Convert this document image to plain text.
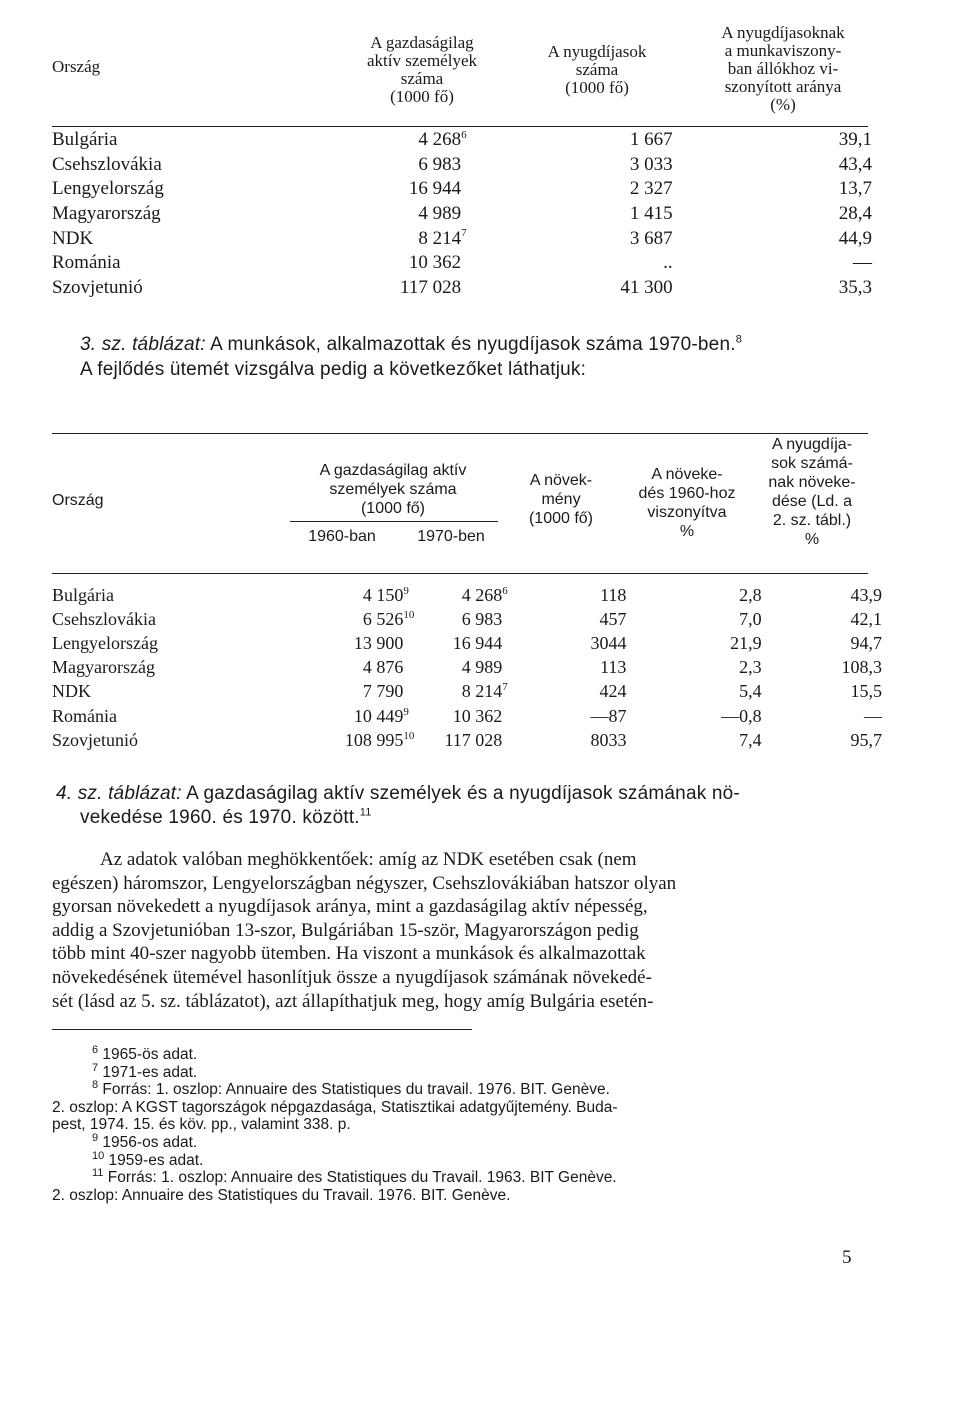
Ország
A gazdaságilag
aktív személyek
száma
(1000 fő)
A nyugdíjasok
száma
(1000 fő)
A nyugdíjasoknak
a munkaviszony-
ban állókhoz vi-
szonyított aránya
(%)
Bulgária	4 $268^6$	1 667	39,1
Csehszlovákia	6 983	3 033	43,4
Lengyelország	16 944	2 327	13,7
Magyarország	4 989	1 415	28,4
NDK	8 $214^7$	3 687	44,9
Románia	10 362	..	—
Szovjetunió	117 028	41 300	35,3
3. sz. táblázat: A munkások, alkalmazottak és nyugdíjasok száma 1970-ben.$^8$
A fejlődés ütemét vizsgálva pedig a következőket láthatjuk:
Ország
A gazdaságilag aktív
személyek száma
(1000 fő)
1960-ban	1970-ben
A növek-
mény
(1000 fő)
A növeke-
dés 1960-hoz
viszonyítva
%
A nyugdíja-
sok számá-
nak növeke-
dése (Ld. a
2. sz. tábl.)
%
Bulgária	4 $150^9$	4 $268^6$	118	2,8	43,9
Csehszlovákia	6 $526^{10}$	6 983	457	7,0	42,1
Lengyelország	13 900	16 944	3044	21,9	94,7
Magyarország	4 876	4 989	113	2,3	108,3
NDK	7 790	8 $214^7$	424	5,4	15,5
Románia	10 $449^9$	10 362	—87	—0,8	—
Szovjetunió	108 $995^{10}$	117 028	8033	7,4	95,7
4. sz. táblázat: A gazdaságilag aktív személyek és a nyugdíjasok számának nö-
vekedése 1960. és 1970. között.$^{11}$
Az adatok valóban meghökkentőek: amíg az NDK esetében csak (nem
egészen) háromszor, Lengyelországban négyszer, Csehszlovákiában hatszor olyan
gyorsan növekedett a nyugdíjasok aránya, mint a gazdaságilag aktív népesség,
addig a Szovjetunióban 13-szor, Bulgáriában 15-ször, Magyarországon pedig
több mint 40-szer nagyobb ütemben. Ha viszont a munkások és alkalmazottak
növekedésének ütemével hasonlítjuk össze a nyugdíjasok számának növekedé-
sét (lásd az 5. sz. táblázatot), azt állapíthatjuk meg, hogy amíg Bulgária esetén-
$^6$ 1965-ös adat.
$^7$ 1971-es adat.
$^8$ Forrás: 1. oszlop: Annuaire des Statistiques du travail. 1976. BIT. Genève.
2. oszlop: A KGST tagországok népgazdasága, Statisztikai adatgyűjtemény. Buda-
pest, 1974. 15. és köv. pp., valamint 338. p.
$^9$ 1956-os adat.
$^{10}$ 1959-es adat.
$^{11}$ Forrás: 1. oszlop: Annuaire des Statistiques du Travail. 1963. BIT Genève.
2. oszlop: Annuaire des Statistiques du Travail. 1976. BIT. Genève.
5
